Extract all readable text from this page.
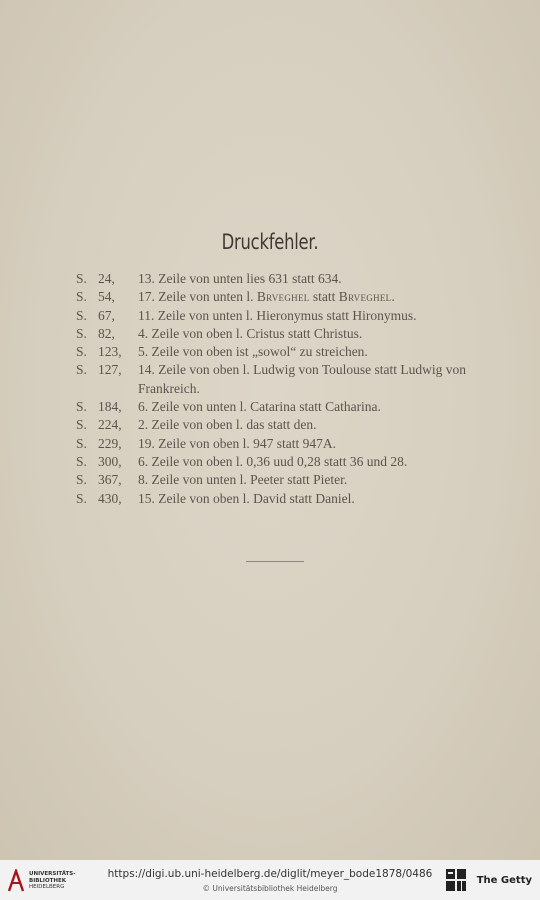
Druckfehler.
S. 24,	13. Zeile von unten lies 631 statt 634.
S. 54,	17. Zeile von unten l. Brveghel statt Brveghel.
S. 67,	11. Zeile von unten l. Hieronymus statt Hironymus.
S. 82,	4. Zeile von oben l. Cristus statt Christus.
S. 123,	5. Zeile von oben ist „sowol“ zu streichen.
S. 127,	14. Zeile von oben l. Ludwig von Toulouse statt Ludwig von Frankreich.
S. 184,	6. Zeile von unten l. Catarina statt Catharina.
S. 224,	2. Zeile von oben l. das statt den.
S. 229,	19. Zeile von oben l. 947 statt 947A.
S. 300,	6. Zeile von oben l. 0,36 uud 0,28 statt 36 und 28.
S. 367,	8. Zeile von unten l. Peeter statt Pieter.
S. 430,	15. Zeile von oben l. David statt Daniel.
UNIVERSITÄTS-
BIBLIOTHEK
HEIDELBERG
https://digi.ub.uni-heidelberg.de/diglit/meyer_bode1878/0486
© Universitätsbibliothek Heidelberg
The Getty
